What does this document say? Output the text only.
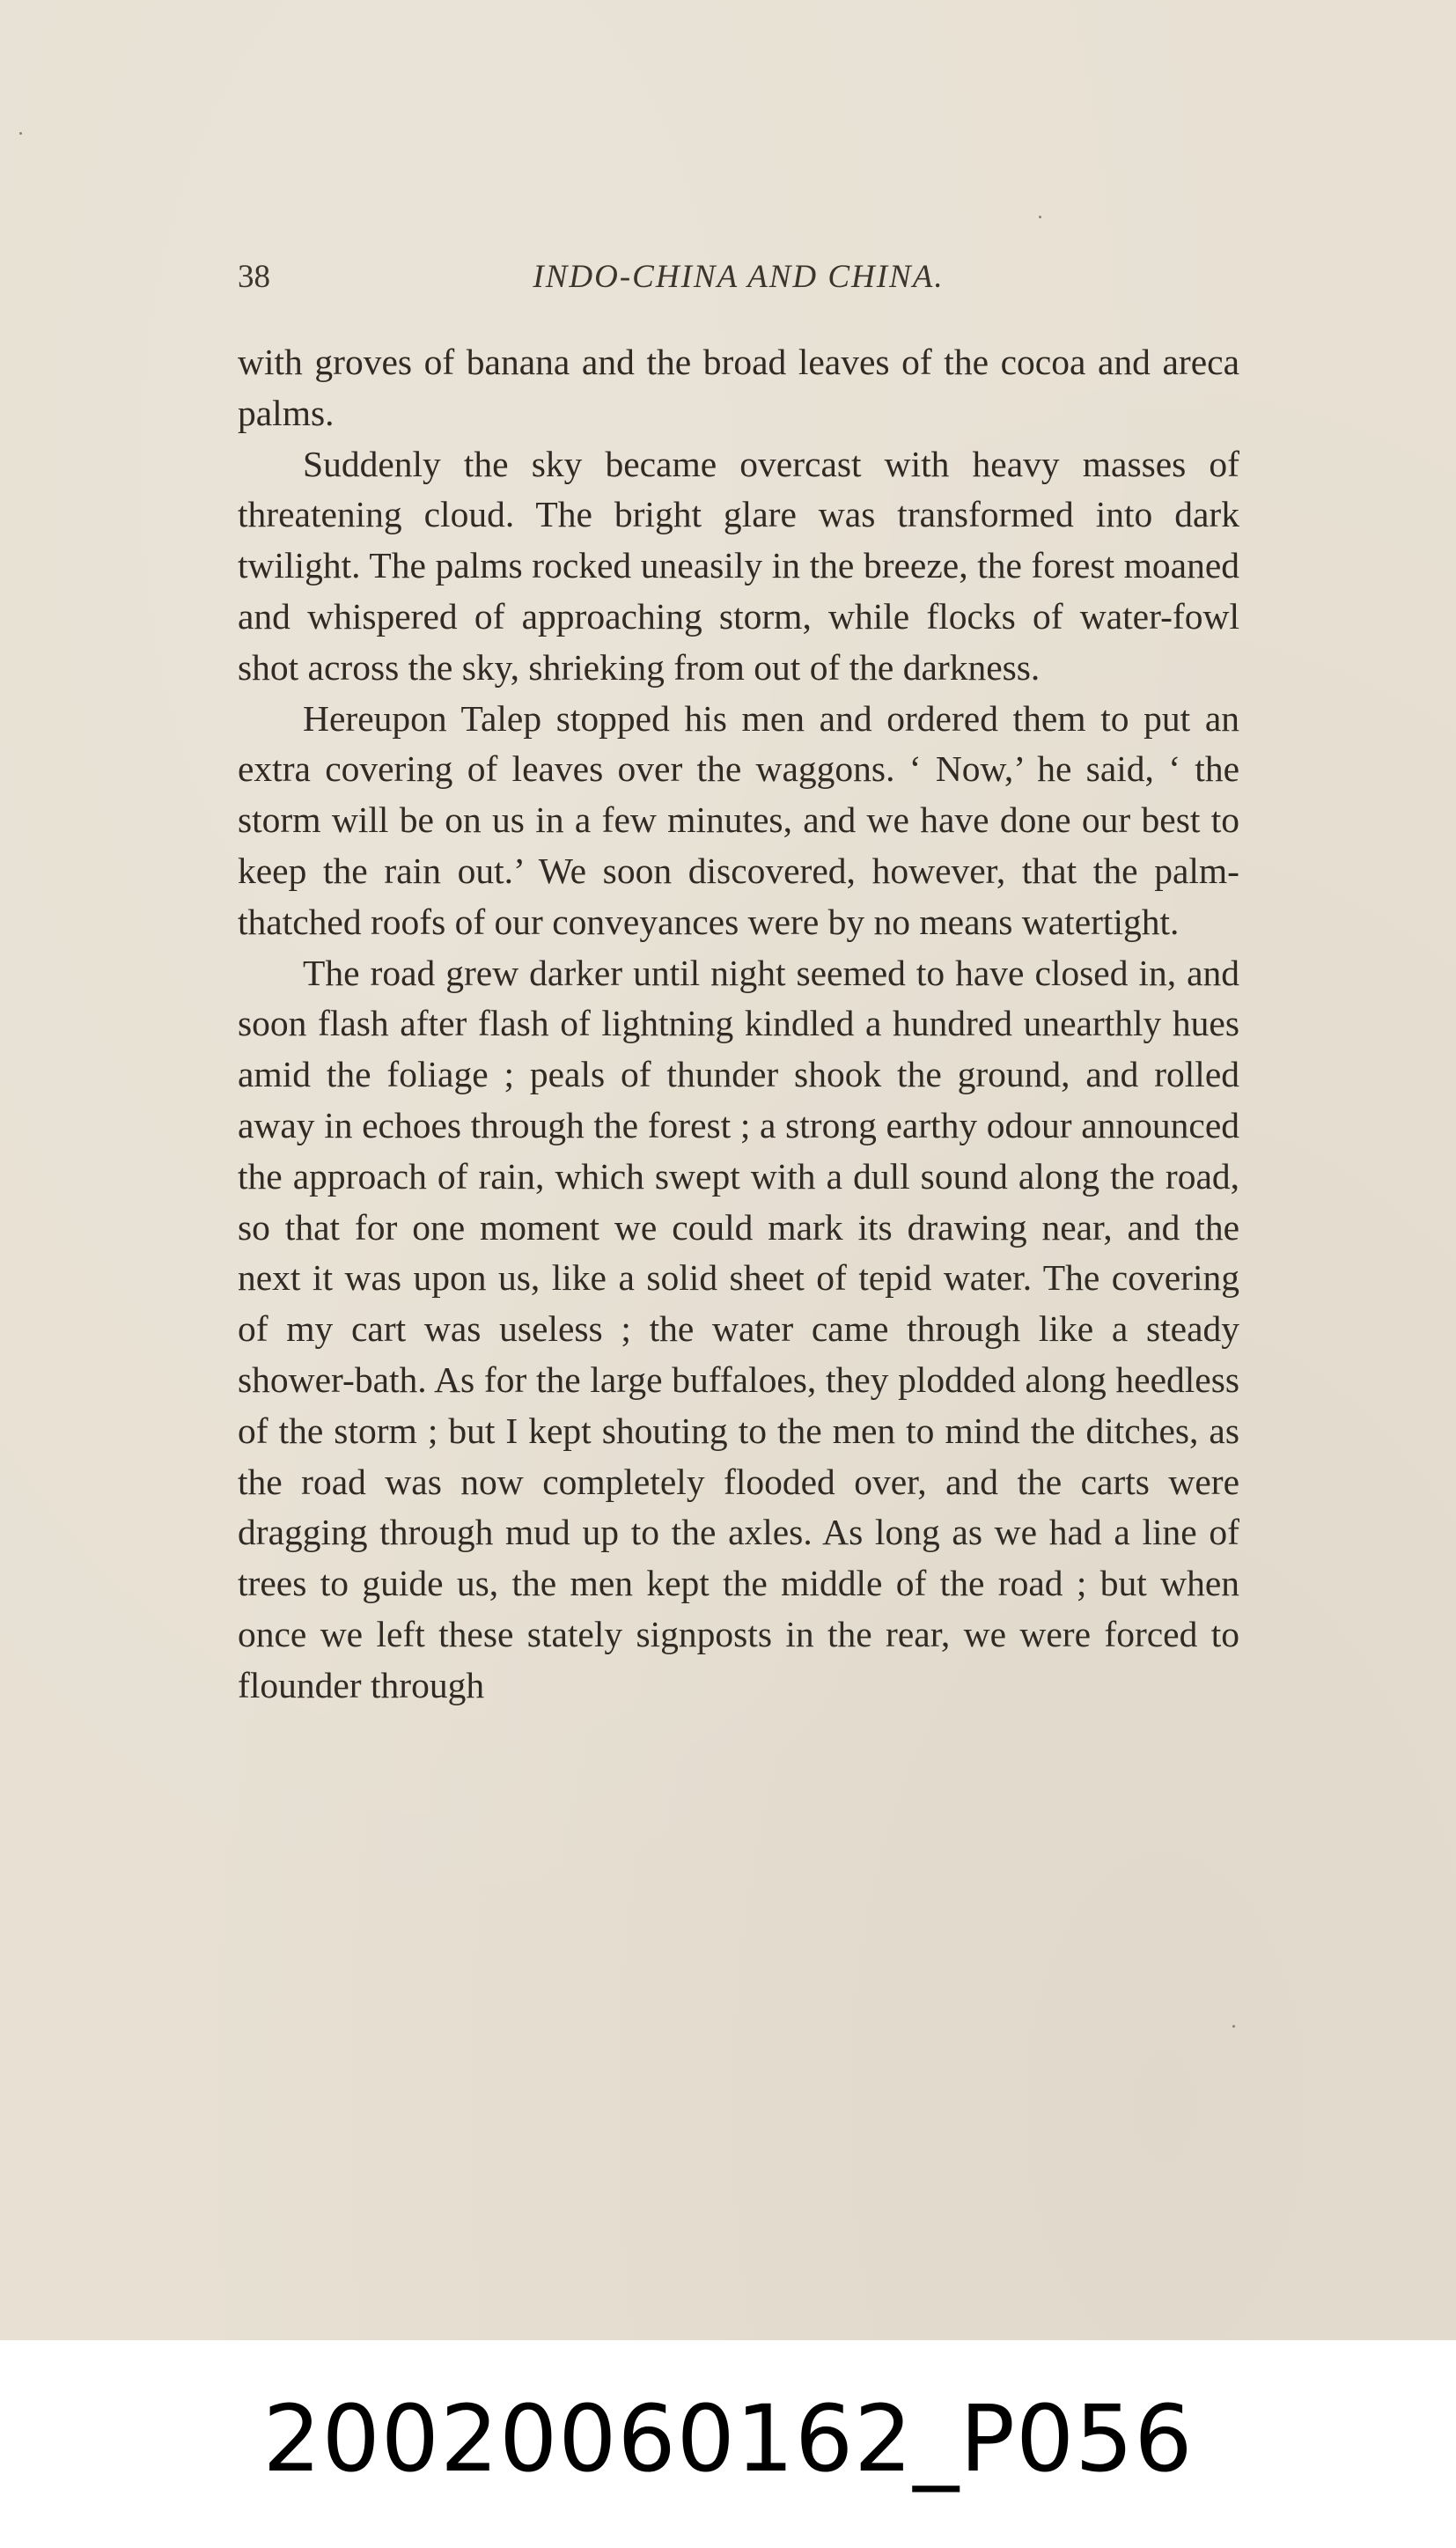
38	INDO-CHINA AND CHINA.

with groves of banana and the broad leaves of the cocoa and areca palms.

Suddenly the sky became overcast with heavy masses of threatening cloud. The bright glare was transformed into dark twilight. The palms rocked uneasily in the breeze, the forest moaned and whispered of approaching storm, while flocks of water-fowl shot across the sky, shrieking from out of the darkness.

Hereupon Talep stopped his men and ordered them to put an extra covering of leaves over the waggons. ‘ Now,’ he said, ‘ the storm will be on us in a few minutes, and we have done our best to keep the rain out.’ We soon discovered, however, that the palm-thatched roofs of our conveyances were by no means watertight.

The road grew darker until night seemed to have closed in, and soon flash after flash of lightning kindled a hundred unearthly hues amid the foliage ; peals of thunder shook the ground, and rolled away in echoes through the forest ; a strong earthy odour announced the approach of rain, which swept with a dull sound along the road, so that for one moment we could mark its drawing near, and the next it was upon us, like a solid sheet of tepid water. The covering of my cart was useless ; the water came through like a steady shower-bath. As for the large buffaloes, they plodded along heedless of the storm ; but I kept shouting to the men to mind the ditches, as the road was now completely flooded over, and the carts were dragging through mud up to the axles. As long as we had a line of trees to guide us, the men kept the middle of the road ; but when once we left these stately signposts in the rear, we were forced to flounder through

20020060162_P056
